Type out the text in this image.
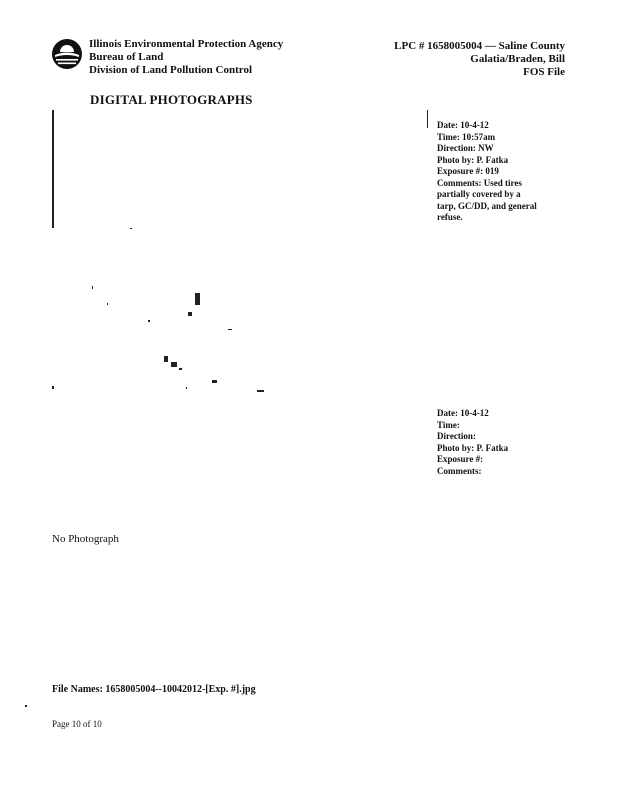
Illinois Environmental Protection Agency
Bureau of Land
Division of Land Pollution Control
LPC # 1658005004 — Saline County
Galatia/Braden, Bill
FOS File
DIGITAL PHOTOGRAPHS
Date: 10-4-12
Time: 10:57am
Direction: NW
Photo by: P. Fatka
Exposure #: 019
Comments: Used tires
partially covered by a
tarp, GC/DD, and general
refuse.
Date: 10-4-12
Time:
Direction:
Photo by: P. Fatka
Exposure #:
Comments:
No Photograph
File Names: 1658005004--10042012-[Exp. #].jpg
Page 10 of 10
